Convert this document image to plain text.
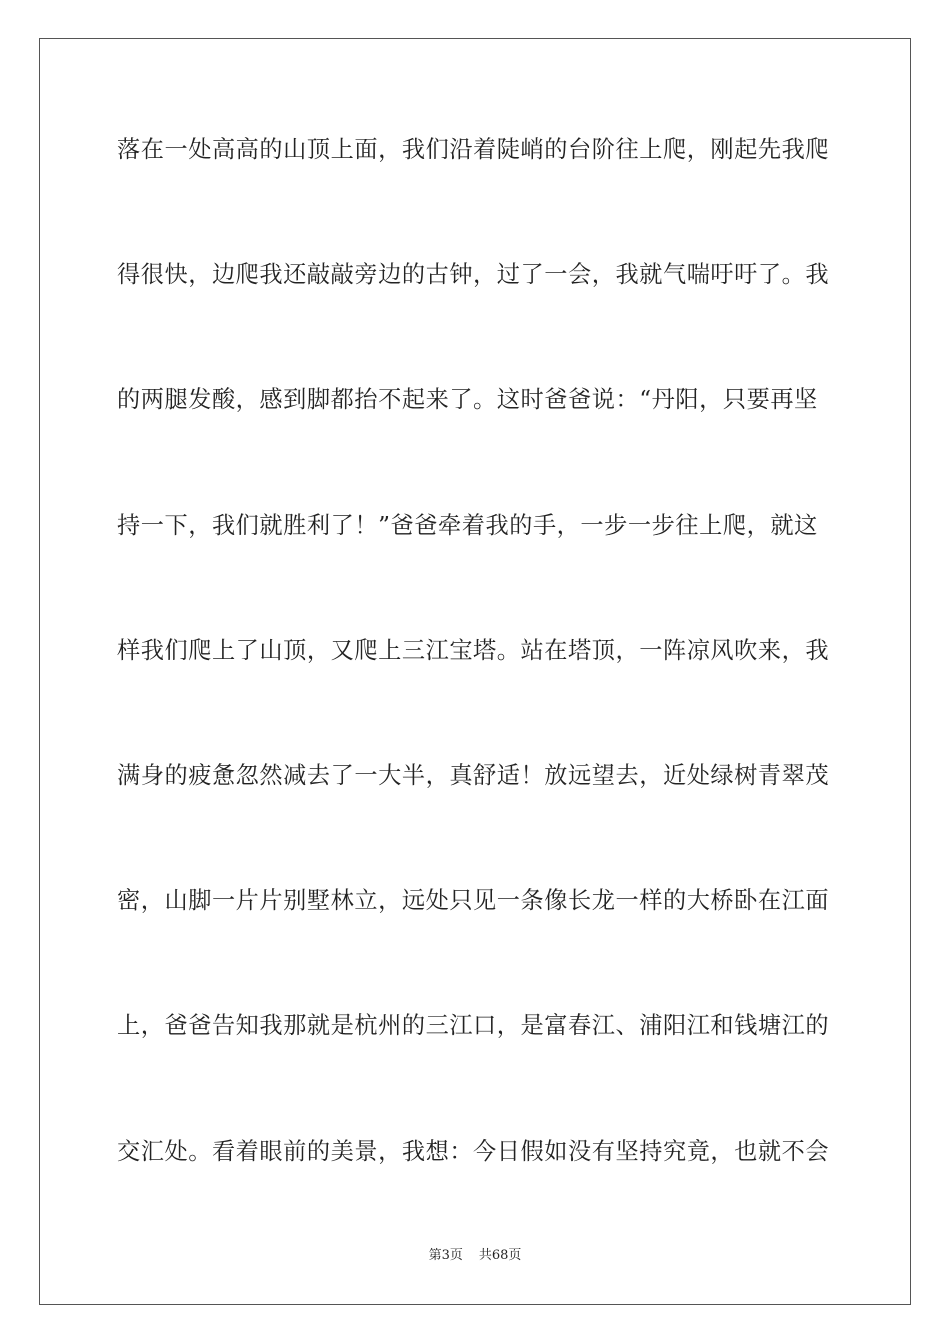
落在一处高高的山顶上面，我们沿着陡峭的台阶往上爬，刚起先我爬
得很快，边爬我还敲敲旁边的古钟，过了一会，我就气喘吁吁了。我
的两腿发酸，感到脚都抬不起来了。这时爸爸说：“丹阳，只要再坚
持一下，我们就胜利了！”爸爸牵着我的手，一步一步往上爬，就这
样我们爬上了山顶，又爬上三江宝塔。站在塔顶，一阵凉风吹来，我
满身的疲惫忽然减去了一大半，真舒适！放远望去，近处绿树青翠茂
密，山脚一片片别墅林立，远处只见一条像长龙一样的大桥卧在江面
上，爸爸告知我那就是杭州的三江口，是富春江、浦阳江和钱塘江的
交汇处。看着眼前的美景，我想：今日假如没有坚持究竟，也就不会
第3页 共68页
